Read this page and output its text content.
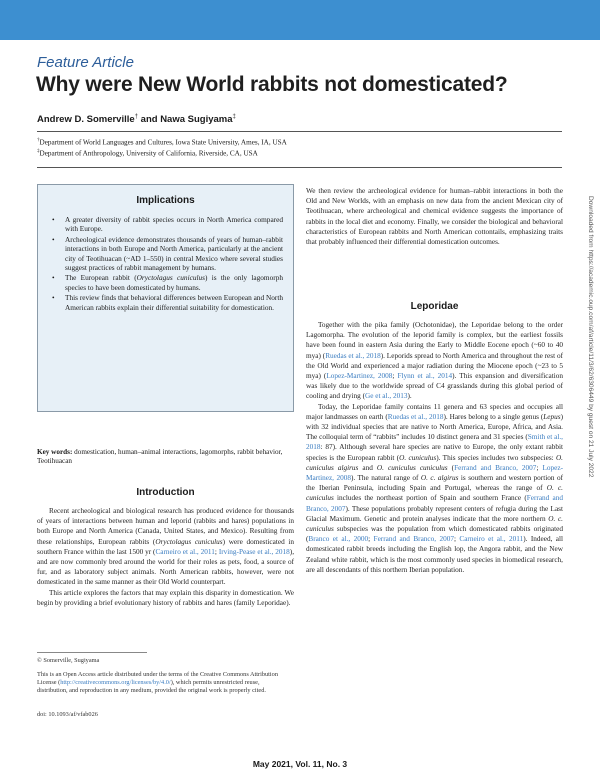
Feature Article
Why were New World rabbits not domesticated?
Andrew D. Somerville† and Nawa Sugiyama‡
†Department of World Languages and Cultures, Iowa State University, Ames, IA, USA
‡Department of Anthropology, University of California, Riverside, CA, USA
Implications
• A greater diversity of rabbit species occurs in North America compared with Europe.
• Archeological evidence demonstrates thousands of years of human–rabbit interactions in both Europe and North America, particularly at the ancient city of Teotihuacan (~AD 1–550) in central Mexico where several studies suggest practices of rabbit management by humans.
• The European rabbit (Oryctolagus cuniculus) is the only lagomorph species to have been domesticated by humans.
• This review finds that behavioral differences between European and North American rabbits explain their differential suitability for domestication.
Key words: domestication, human–animal interactions, lagomorphs, rabbit behavior, Teotihuacan
Introduction

Recent archeological and biological research has produced evidence for thousands of years of interactions between human and leporid (rabbits and hares) populations in both Europe and North America (Canada, United States, and Mexico). Resulting from these relationships, European rabbits (Oryctolagus cuniculus) were domesticated in southern France within the last 1500 yr (Carneiro et al., 2011; Irving-Pease et al., 2018), and are now commonly bred around the world for their roles as pets, food, a source of fur, and as laboratory subject animals. North American rabbits, however, were not domesticated in the same manner as their Old World counterpart.

This article explores the factors that may explain this disparity in domestication. We begin by providing a brief evolutionary history of rabbits and hares (family Leporidae).

© Somerville, Sugiyama
This is an Open Access article distributed under the terms of the Creative Commons Attribution License (http://creativecommons.org/licenses/by/4.0/), which permits unrestricted reuse, distribution, and reproduction in any medium, provided the original work is properly cited.
doi: 10.1093/af/vfab026

We then review the archeological evidence for human–rabbit interactions in both the Old and New Worlds, with an emphasis on new data from the ancient Mexican city of Teotihuacan, where archeological and chemical evidence suggests the importance of rabbits in the local diet and economy. Finally, we consider the biological and behavioral characteristics of European rabbits and North American cottontails, emphasizing traits that probably influenced their differential domestication outcomes.

Leporidae

Together with the pika family (Ochotonidae), the Leporidae belong to the order Lagomorpha. The evolution of the leporid family is complex, but the earliest fossils have been found in eastern Asia during the Early to Middle Eocene epoch (~60 to 40 mya) (Ruedas et al., 2018). Leporids spread to North America and throughout the rest of the Old World and experienced a major radiation during the Miocene epoch (~23 to 5 mya) (Lopez-Martinez, 2008; Flynn et al., 2014). This expansion and diversification was likely due to the worldwide spread of C4 grasslands during this global period of cooling and drying (Ge et al., 2013).

Today, the Leporidae family contains 11 genera and 63 species and occupies all major landmasses on earth (Ruedas et al., 2018). Hares belong to a single genus (Lepus) with 32 individual species that are native to North America, Europe, Africa, and Asia. The colloquial term of “rabbits” includes 10 distinct genera and 31 species (Smith et al., 2018: 87). Although several hare species are native to Europe, the only extant rabbit species is the European rabbit (O. cuniculus). This species includes two subspecies: O. cuniculus algirus and O. cuniculus cuniculus (Ferrand and Branco, 2007; Lopez-Martinez, 2008). The natural range of O. c. algirus is southern and western portion of the Iberian Peninsula, including Spain and Portugal, whereas the range of O. c. cuniculus includes the northeast portion of Spain and southern France (Ferrand and Branco, 2007). These populations probably represent centers of refugia during the Last Glacial Maximum. Genetic and protein analyses indicate that the more northern O. c. cuniculus subspecies was the population from which domesticated rabbits originated (Branco et al., 2000; Ferrand and Branco, 2007; Carneiro et al., 2011). Indeed, all domesticated rabbit breeds including the English lop, the Angora rabbit, and the New Zealand white rabbit, which is the most commonly used species in biomedical research, are all descendants of this northern Iberian population.

Downloaded from https://academic.oup.com/af/article/11/3/62/6306449 by guest on 21 July 2022
May 2021, Vol. 11, No. 3
